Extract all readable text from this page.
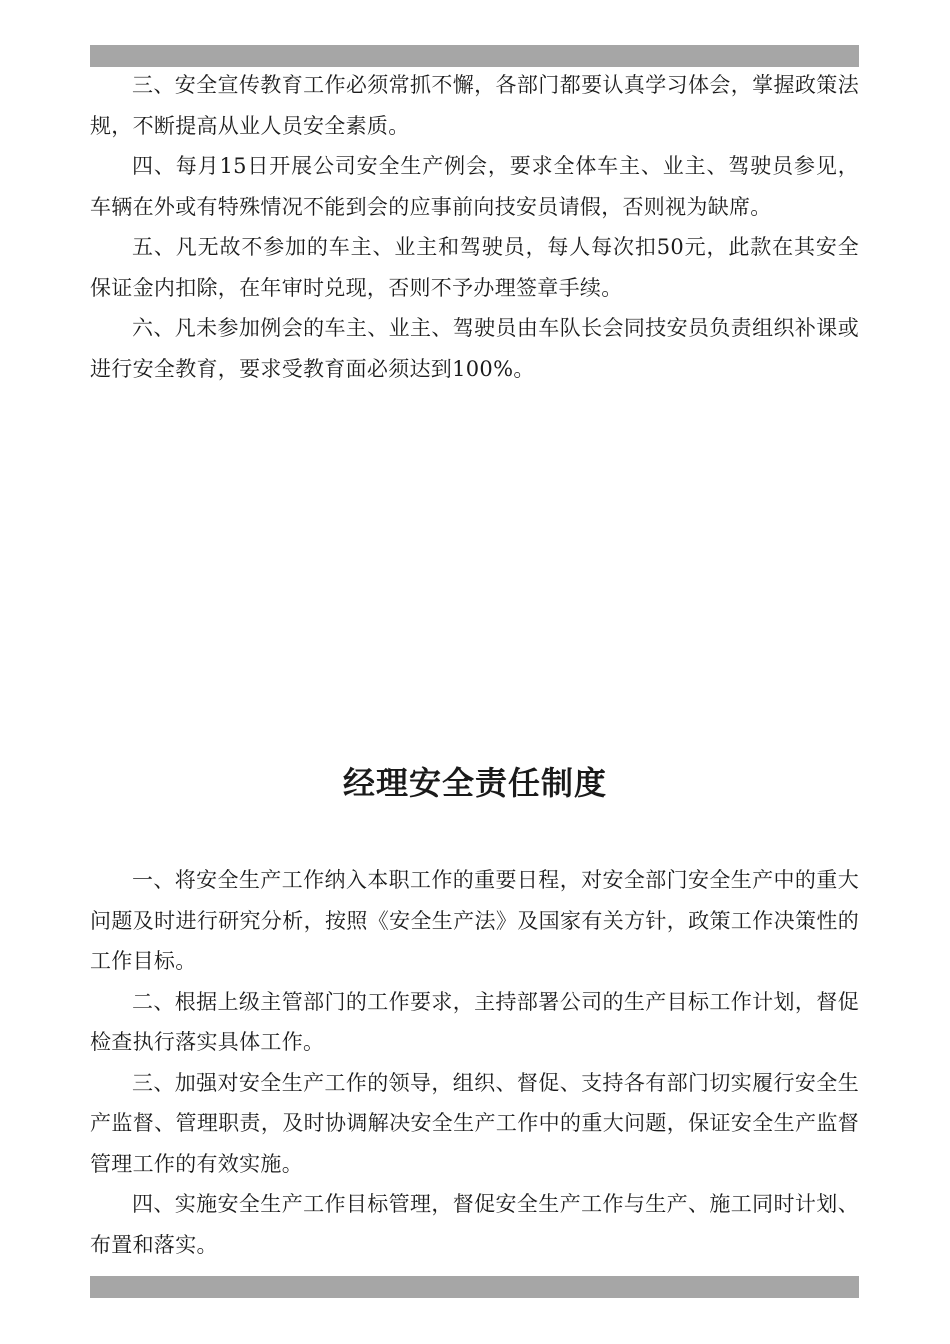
三、安全宣传教育工作必须常抓不懈，各部门都要认真学习体会，掌握政策法规，不断提高从业人员安全素质。

四、每月15日开展公司安全生产例会，要求全体车主、业主、驾驶员参见，车辆在外或有特殊情况不能到会的应事前向技安员请假，否则视为缺席。

五、凡无故不参加的车主、业主和驾驶员，每人每次扣50元，此款在其安全保证金内扣除，在年审时兑现，否则不予办理签章手续。

六、凡未参加例会的车主、业主、驾驶员由车队长会同技安员负责组织补课或进行安全教育，要求受教育面必须达到100%。

经理安全责任制度

一、将安全生产工作纳入本职工作的重要日程，对安全部门安全生产中的重大问题及时进行研究分析，按照《安全生产法》及国家有关方针，政策工作决策性的工作目标。

二、根据上级主管部门的工作要求，主持部署公司的生产目标工作计划，督促检查执行落实具体工作。

三、加强对安全生产工作的领导，组织、督促、支持各有部门切实履行安全生产监督、管理职责，及时协调解决安全生产工作中的重大问题，保证安全生产监督管理工作的有效实施。

四、实施安全生产工作目标管理，督促安全生产工作与生产、施工同时计划、布置和落实。
